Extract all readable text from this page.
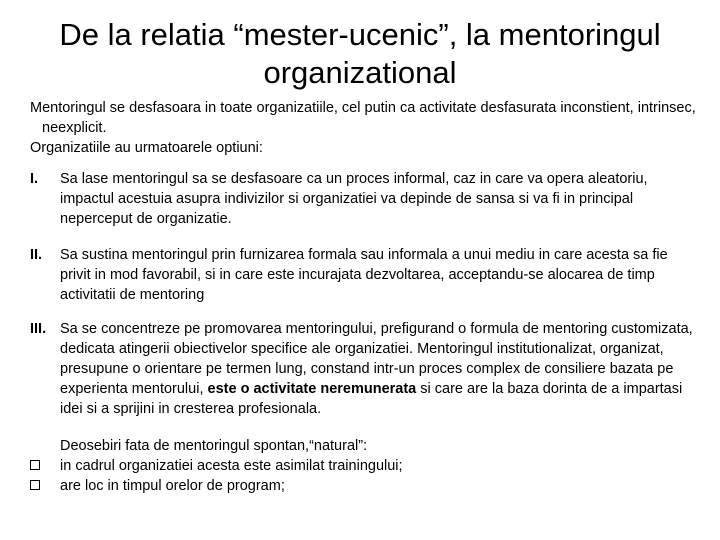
De la relatia “mester-ucenic”, la mentoringul organizational

Mentoringul se desfasoara in toate organizatiile, cel putin ca activitate desfasurata inconstient, intrinsec, neexplicit.

Organizatiile au urmatoarele optiuni:

I. Sa lase mentoringul sa se desfasoare ca un proces informal, caz in care va opera aleatoriu, impactul acestuia asupra indivizilor si organizatiei va depinde de sansa si va fi in principal neperceput de organizatie.
II. Sa sustina mentoringul prin furnizarea formala sau informala a unui mediu in care acesta sa fie privit in mod favorabil, si in care este incurajata dezvoltarea, acceptandu-se alocarea de timp activitatii de mentoring
III. Sa se concentreze pe promovarea mentoringului, prefigurand o formula de mentoring customizata, dedicata atingerii obiectivelor specifice ale organizatiei. Mentoringul institutionalizat, organizat, presupune o orientare pe termen lung, constand intr-un proces complex de consiliere bazata pe experienta mentorului, este o activitate neremunerata si care are la baza dorinta de a impartasi idei si a sprijini in cresterea profesionala.

Deosebiri fata de mentoringul spontan,“natural”:

in cadrul organizatiei acesta este asimilat trainingului;
are loc in timpul orelor de program;
